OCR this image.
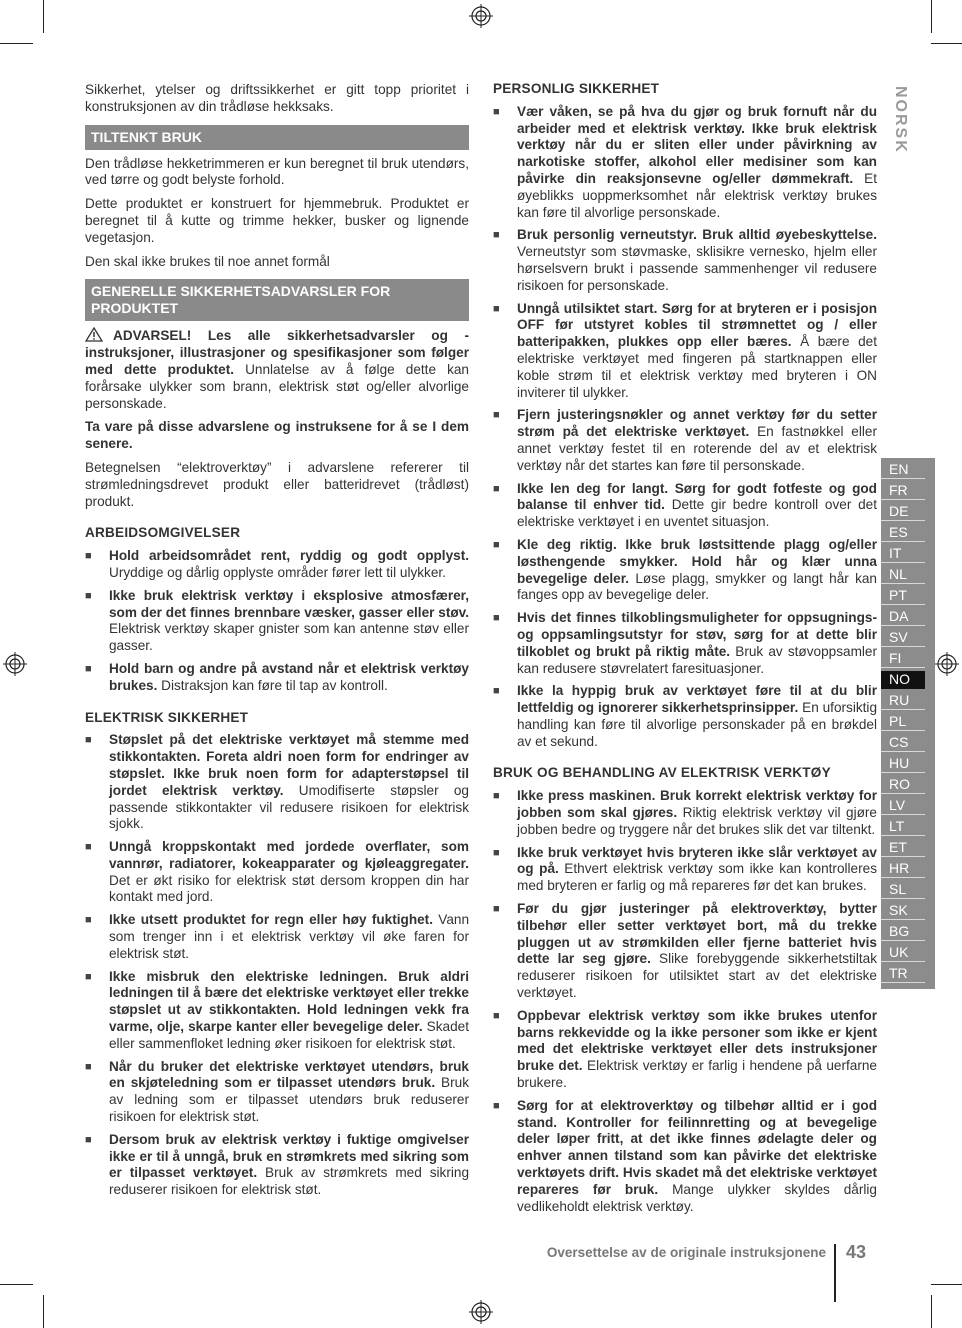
NORSK
EN
FR
DE
ES
IT
NL
PT
DA
SV
FI
NO
RU
PL
CS
HU
RO
LV
LT
ET
HR
SL
SK
BG
UK
TR

Sikkerhet, ytelser og driftssikkerhet er gitt topp prioritet i konstruksjonen av din trådløse hekksaks.

TILTENKT BRUK

Den trådløse hekketrimmeren er kun beregnet til bruk utendørs, ved tørre og godt belyste forhold.

Dette produktet er konstruert for hjemmebruk. Produktet er beregnet til å kutte og trimme hekker, busker og lignende vegetasjon.

Den skal ikke brukes til noe annet formål

GENERELLE SIKKERHETSADVARSLER FOR PRODUKTET

ADVARSEL! Les alle sikkerhetsadvarsler og -instruksjoner, illustrasjoner og spesifikasjoner som følger med dette produktet. Unnlatelse av å følge dette kan forårsake ulykker som brann, elektrisk støt og/eller alvorlige personskade.

Ta vare på disse advarslene og instruksene for å se I dem senere.

Betegnelsen “elektroverktøy” i advarslene refererer til strømledningsdrevet produkt eller batteridrevet (trådløst) produkt.

ARBEIDSOMGIVELSER
■ Hold arbeidsområdet rent, ryddig og godt opplyst. Uryddige og dårlig opplyste områder fører lett til ulykker.
■ Ikke bruk elektrisk verktøy i eksplosive atmosfærer, som der det finnes brennbare væsker, gasser eller støv. Elektrisk verktøy skaper gnister som kan antenne støv eller gasser.
■ Hold barn og andre på avstand når et elektrisk verktøy brukes. Distraksjon kan føre til tap av kontroll.
ELEKTRISK SIKKERHET
■ Støpslet på det elektriske verktøyet må stemme med stikkontakten. Foreta aldri noen form for endringer av støpslet. Ikke bruk noen form for adapterstøpsel til jordet elektrisk verktøy. Umodifiserte støpsler og passende stikkontakter vil redusere risikoen for elektrisk sjokk.
■ Unngå kroppskontakt med jordede overflater, som vannrør, radiatorer, kokeapparater og kjøleaggregater. Det er økt risiko for elektrisk støt dersom kroppen din har kontakt med jord.
■ Ikke utsett produktet for regn eller høy fuktighet. Vann som trenger inn i et elektrisk verktøy vil øke faren for elektrisk støt.
■ Ikke misbruk den elektriske ledningen. Bruk aldri ledningen til å bære det elektriske verktøyet eller trekke støpslet ut av stikkontakten. Hold ledningen vekk fra varme, olje, skarpe kanter eller bevegelige deler. Skadet eller sammenfloket ledning øker risikoen for elektrisk støt.
■ Når du bruker det elektriske verktøyet utendørs, bruk en skjøteledning som er tilpasset utendørs bruk. Bruk av ledning som er tilpasset utendørs bruk reduserer risikoen for elektrisk støt.
■ Dersom bruk av elektrisk verktøy i fuktige omgivelser ikke er til å unngå, bruk en strømkrets med sikring som er tilpasset verktøyet. Bruk av strømkrets med sikring reduserer risikoen for elektrisk støt.
PERSONLIG SIKKERHET
■ Vær våken, se på hva du gjør og bruk fornuft når du arbeider med et elektrisk verktøy. Ikke bruk elektrisk verktøy når du er sliten eller under påvirkning av narkotiske stoffer, alkohol eller medisiner som kan påvirke din reaksjonsevne og/eller dømmekraft. Et øyeblikks uoppmerksomhet når elektrisk verktøy brukes kan føre til alvorlige personskade.
■ Bruk personlig verneutstyr. Bruk alltid øyebeskyttelse. Verneutstyr som støvmaske, sklisikre vernesko, hjelm eller hørselsvern brukt i passende sammenhenger vil redusere risikoen for personskade.
■ Unngå utilsiktet start. Sørg for at bryteren er i posisjon OFF før utstyret kobles til strømnettet og / eller batteripakken, plukkes opp eller bæres. Å bære det elektriske verktøyet med fingeren på startknappen eller koble strøm til et elektrisk verktøy med bryteren i ON inviterer til ulykker.
■ Fjern justeringsnøkler og annet verktøy før du setter strøm på det elektriske verktøyet. En fastnøkkel eller annet verktøy festet til en roterende del av et elektrisk verktøy når det startes kan føre til personskade.
■ Ikke len deg for langt. Sørg for godt fotfeste og god balanse til enhver tid. Dette gir bedre kontroll over det elektriske verktøyet i en uventet situasjon.
■ Kle deg riktig. Ikke bruk løstsittende plagg og/eller løsthengende smykker. Hold hår og klær unna bevegelige deler. Løse plagg, smykker og langt hår kan fanges opp av bevegelige deler.
■ Hvis det finnes tilkoblingsmuligheter for oppsugnings- og oppsamlingsutstyr for støv, sørg for at dette blir tilkoblet og brukt på riktig måte. Bruk av støvoppsamler kan redusere støvrelatert faresituasjoner.
■ Ikke la hyppig bruk av verktøyet føre til at du blir lettfeldig og ignorerer sikkerhetsprinsipper. En uforsiktig handling kan føre til alvorlige personskader på en brøkdel av et sekund.
BRUK OG BEHANDLING AV ELEKTRISK VERKTØY
■ Ikke press maskinen. Bruk korrekt elektrisk verktøy for jobben som skal gjøres. Riktig elektrisk verktøy vil gjøre jobben bedre og tryggere når det brukes slik det var tiltenkt.
■ Ikke bruk verktøyet hvis bryteren ikke slår verktøyet av og på. Ethvert elektrisk verktøy som ikke kan kontrolleres med bryteren er farlig og må repareres før det kan brukes.
■ Før du gjør justeringer på elektroverktøy, bytter tilbehør eller setter verktøyet bort, må du trekke pluggen ut av strømkilden eller fjerne batteriet hvis dette lar seg gjøre. Slike forebyggende sikkerhetstiltak reduserer risikoen for utilsiktet start av det elektriske verktøyet.
■ Oppbevar elektrisk verktøy som ikke brukes utenfor barns rekkevidde og la ikke personer som ikke er kjent med det elektriske verktøyet eller dets instruksjoner bruke det. Elektrisk verktøy er farlig i hendene på uerfarne brukere.
■ Sørg for at elektroverktøy og tilbehør alltid er i god stand. Kontroller for feilinnretting og at bevegelige deler løper fritt, at det ikke finnes ødelagte deler og enhver annen tilstand som kan påvirke det elektriske verktøyets drift. Hvis skadet må det elektriske verktøyet repareres før bruk. Mange ulykker skyldes dårlig vedlikeholdt elektrisk verktøy.
Oversettelse av de originale instruksjonene 43
